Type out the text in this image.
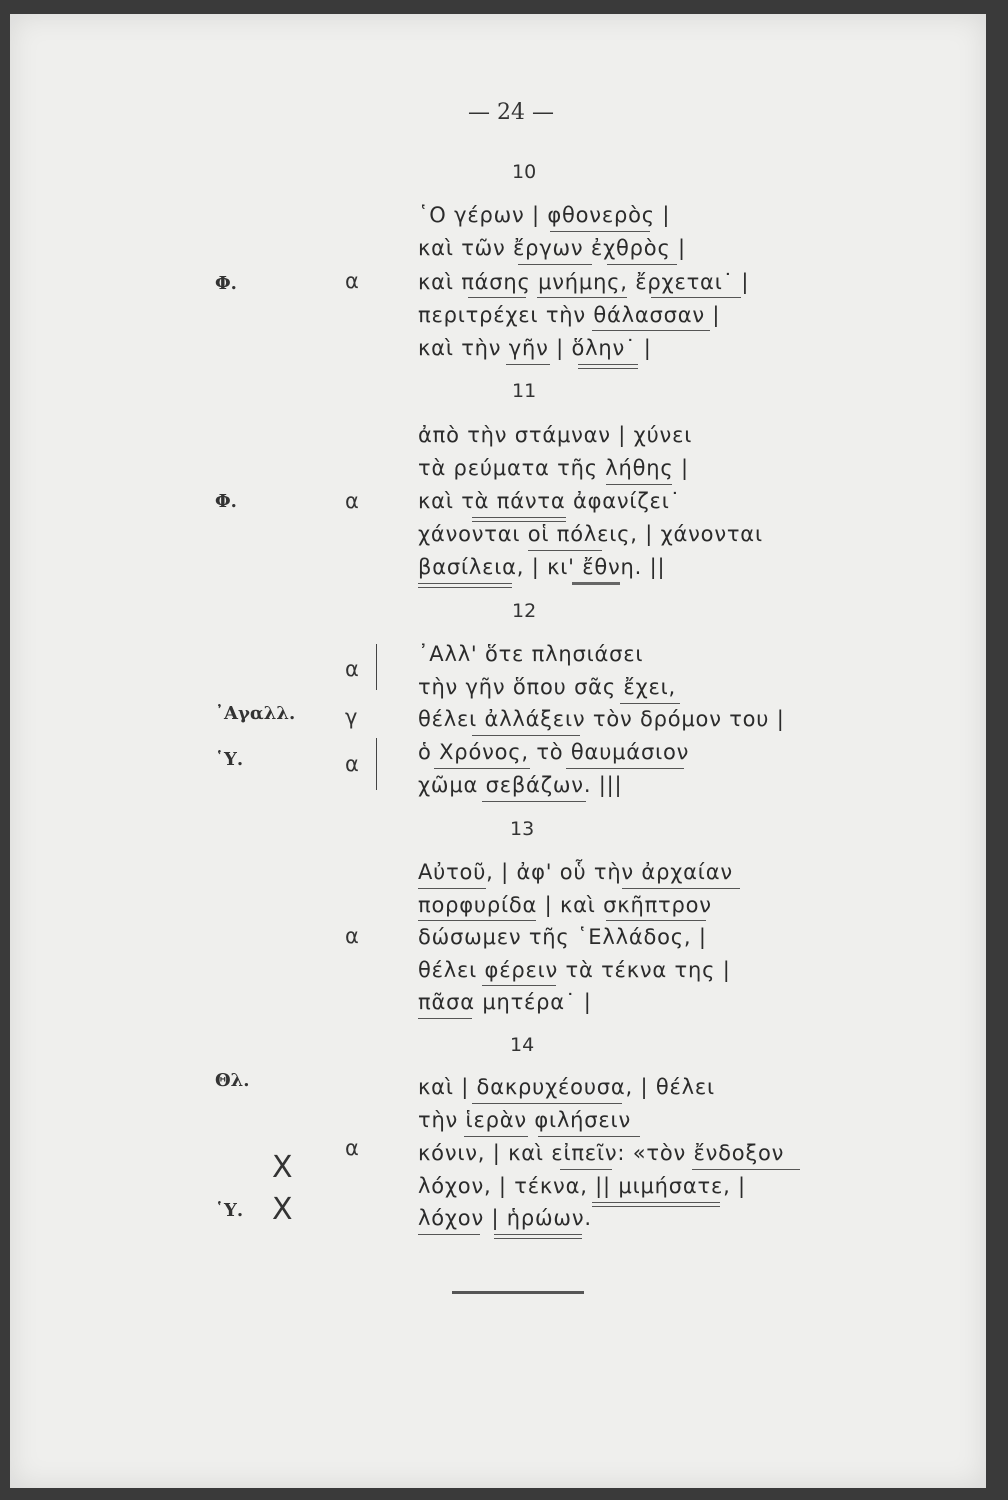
— 24 —
10
῾Ο γέρων | φθονερὸς |
καὶ τῶν ἔργων ἐχθρὸς |
καὶ πάσης μνήμης, ἔρχεται˙ |
περιτρέχει τὴν θάλασσαν |
καὶ τὴν γῆν | ὅλην˙ |
Φ.	α
11
ἀπὸ τὴν στάμναν | χύνει
τὰ ρεύματα τῆς λήθης |
καὶ τὰ πάντα ἀφανίζει˙
χάνονται οἱ πόλεις, | χάνονται
βασίλεια, | κι' ἔθνη. ||
Φ.	α
12
᾿Αλλ' ὅτε πλησιάσει
τὴν γῆν ὅπου σᾶς ἔχει,
θέλει ἀλλάξειν τὸν δρόμον του |
ὁ Χρόνος, τὸ θαυμάσιον
χῶμα σεβάζων. |||
᾿Αγαλλ.
῾Υ.
α
γ
α
13
Αὐτοῦ, | ἀφ' οὗ τὴν ἀρχαίαν
πορφυρίδα | καὶ σκῆπτρον
δώσωμεν τῆς ῾Ελλάδος, |
θέλει φέρειν τὰ τέκνα της |
πᾶσα μητέρα˙ |
α
14
καὶ | δακρυχέουσα, | θέλει
τὴν ἱερὰν φιλήσειν
κόνιν, | καὶ εἰπεῖν: «τὸν ἔνδοξον
λόχον, | τέκνα, || μιμήσατε, |
λόχον | ἡρώων.
Θλ.
῾Υ.
Χ
Χ
α
